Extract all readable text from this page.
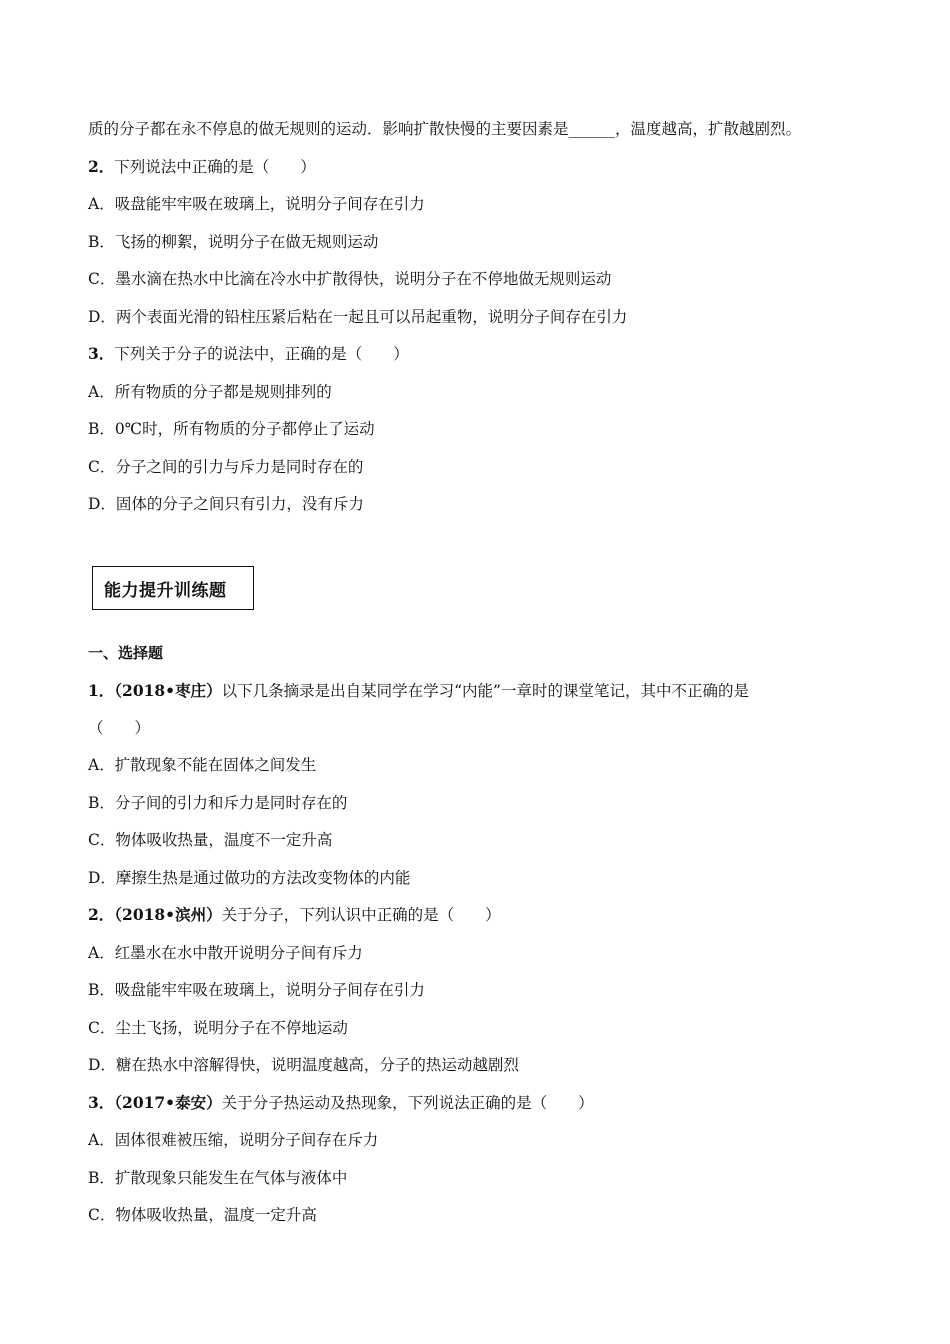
质的分子都在永不停息的做无规则的运动．影响扩散快慢的主要因素是______，温度越高，扩散越剧烈。
2．下列说法中正确的是（　　）
A．吸盘能牢牢吸在玻璃上，说明分子间存在引力
B．飞扬的柳絮，说明分子在做无规则运动
C．墨水滴在热水中比滴在冷水中扩散得快，说明分子在不停地做无规则运动
D．两个表面光滑的铅柱压紧后粘在一起且可以吊起重物，说明分子间存在引力
3．下列关于分子的说法中，正确的是（　　）
A．所有物质的分子都是规则排列的
B．0℃时，所有物质的分子都停止了运动
C．分子之间的引力与斥力是同时存在的
D．固体的分子之间只有引力，没有斥力
能力提升训练题
一、选择题
1．（2018•枣庄）以下几条摘录是出自某同学在学习“内能”一章时的课堂笔记，其中不正确的是
（　　）
A．扩散现象不能在固体之间发生
B．分子间的引力和斥力是同时存在的
C．物体吸收热量，温度不一定升高
D．摩擦生热是通过做功的方法改变物体的内能
2．（2018•滨州）关于分子，下列认识中正确的是（　　）
A．红墨水在水中散开说明分子间有斥力
B．吸盘能牢牢吸在玻璃上，说明分子间存在引力
C．尘土飞扬，说明分子在不停地运动
D．糖在热水中溶解得快，说明温度越高，分子的热运动越剧烈
3．（2017•泰安）关于分子热运动及热现象，下列说法正确的是（　　）
A．固体很难被压缩，说明分子间存在斥力
B．扩散现象只能发生在气体与液体中
C．物体吸收热量，温度一定升高
